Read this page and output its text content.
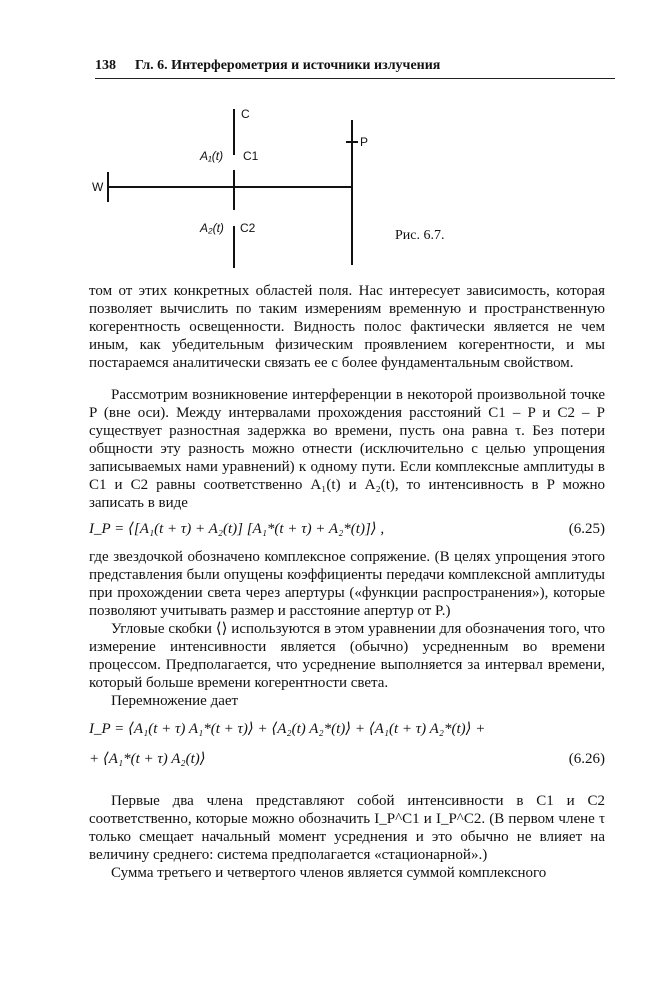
138 Гл. 6. Интерферометрия и источники излучения
W
C
C1
C2
A₁(t)
A₂(t)
P
Рис. 6.7.

том от этих конкретных областей поля. Нас интересует зависимость, которая позволяет вычислить по таким измерениям временную и пространственную когерентность освещенности. Видность полос фактически является не чем иным, как убедительным физическим проявлением когерентности, и мы постараемся аналитически связать ее с более фундаментальным свойством.

Рассмотрим возникновение интерференции в некоторой произвольной точке P (вне оси). Между интервалами прохождения расстояний C1 – P и C2 – P существует разностная задержка во времени, пусть она равна τ. Без потери общности эту разность можно отнести (исключительно с целью упрощения записываемых нами уравнений) к одному пути. Если комплексные амплитуды в C1 и C2 равны соответственно A₁(t) и A₂(t), то интенсивность в P можно записать в виде

I_P = ⟨[A₁(t + τ) + A₂(t)] [A₁*(t + τ) + A₂*(t)]⟩ ,	(6.25)

где звездочкой обозначено комплексное сопряжение. (В целях упрощения этого представления были опущены коэффициенты передачи комплексной амплитуды при прохождении света через апертуры («функции распространения»), которые позволяют учитывать размер и расстояние апертур от P.)

Угловые скобки ⟨⟩ используются в этом уравнении для обозначения того, что измерение интенсивности является (обычно) усредненным во времени процессом. Предполагается, что усреднение выполняется за интервал времени, который больше времени когерентности света.

Перемножение дает

I_P = ⟨A₁(t + τ) A₁*(t + τ)⟩ + ⟨A₂(t) A₂*(t)⟩ + ⟨A₁(t + τ) A₂*(t)⟩ +
+ ⟨A₁*(t + τ) A₂(t)⟩	(6.26)

Первые два члена представляют собой интенсивности в C1 и C2 соответственно, которые можно обозначить I_P^C1 и I_P^C2. (В первом члене τ только смещает начальный момент усреднения и это обычно не влияет на величину среднего: система предполагается «стационарной».)

Сумма третьего и четвертого членов является суммой комплексного
